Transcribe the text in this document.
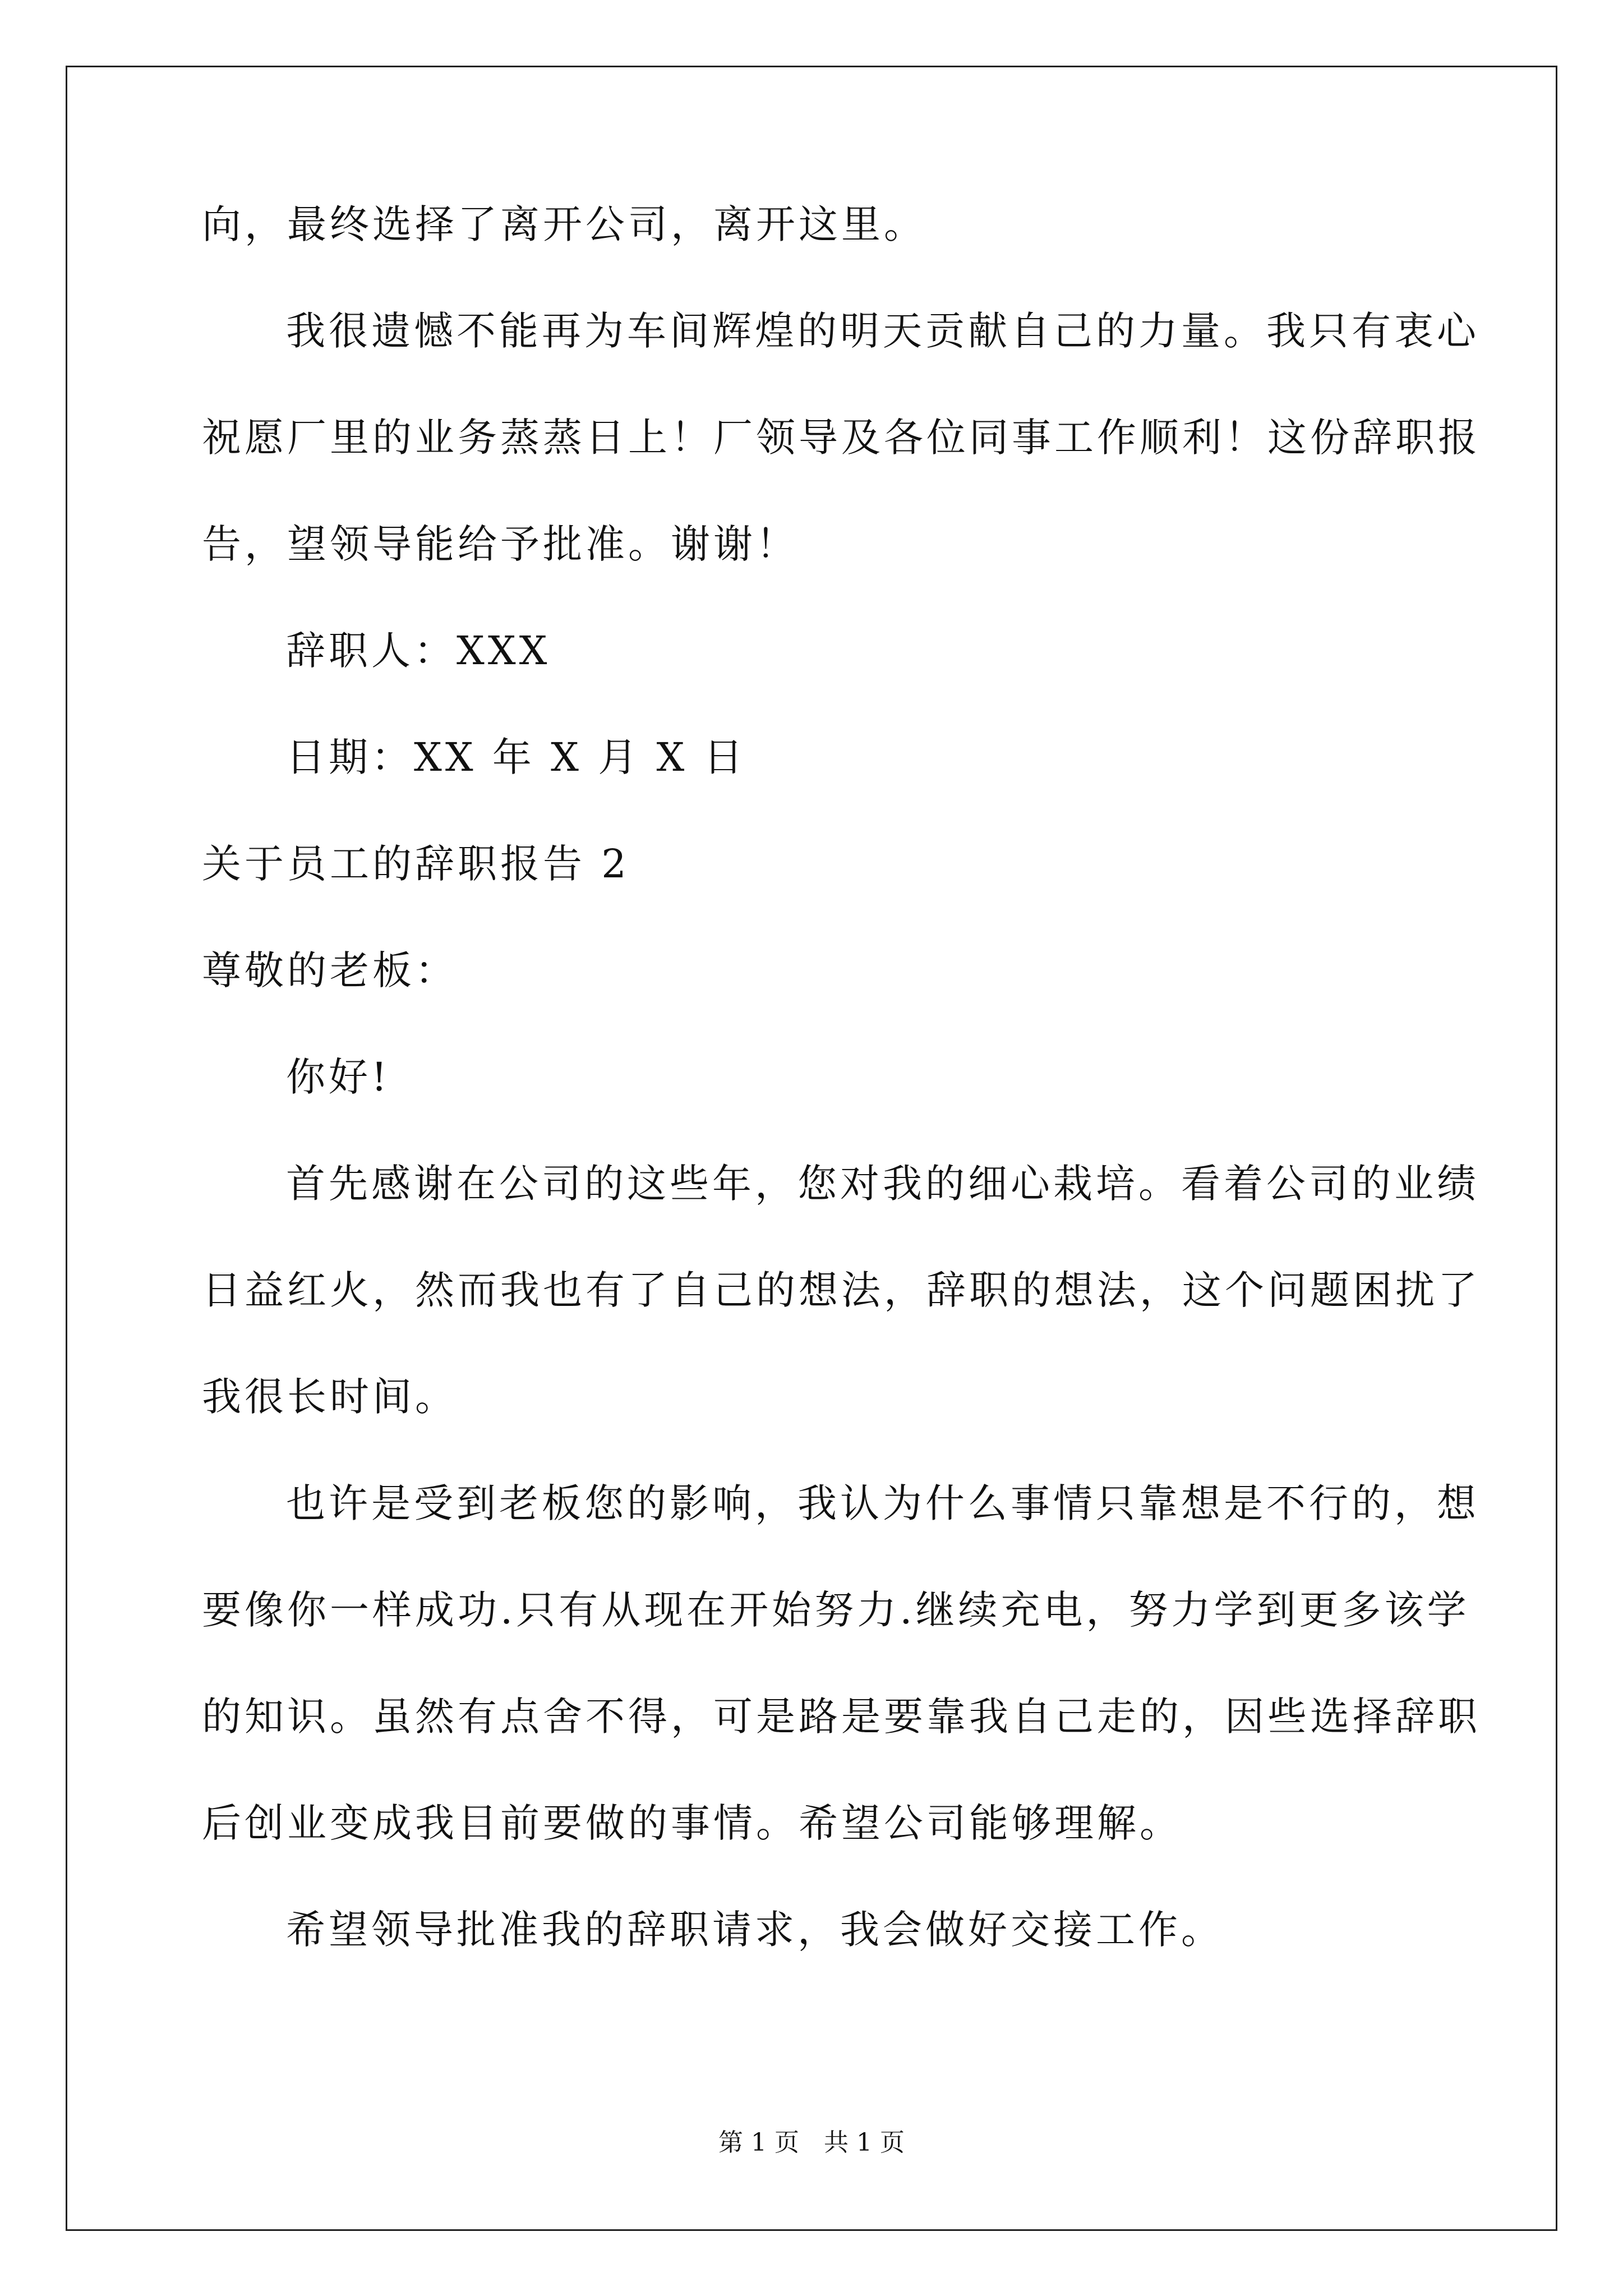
向，最终选择了离开公司，离开这里。
我很遗憾不能再为车间辉煌的明天贡献自己的力量。我只有衷心
祝愿厂里的业务蒸蒸日上！厂领导及各位同事工作顺利！这份辞职报
告，望领导能给予批准。谢谢！
辞职人：XXX
日期：XX 年 X 月 X 日
关于员工的辞职报告 2
尊敬的老板：
你好!
首先感谢在公司的这些年，您对我的细心栽培。看着公司的业绩
日益红火，然而我也有了自己的想法，辞职的想法，这个问题困扰了
我很长时间。
也许是受到老板您的影响，我认为什么事情只靠想是不行的，想
要像你一样成功.只有从现在开始努力.继续充电，努力学到更多该学
的知识。虽然有点舍不得，可是路是要靠我自己走的，因些选择辞职
后创业变成我目前要做的事情。希望公司能够理解。
希望领导批准我的辞职请求，我会做好交接工作。
第 1 页　共 1 页
